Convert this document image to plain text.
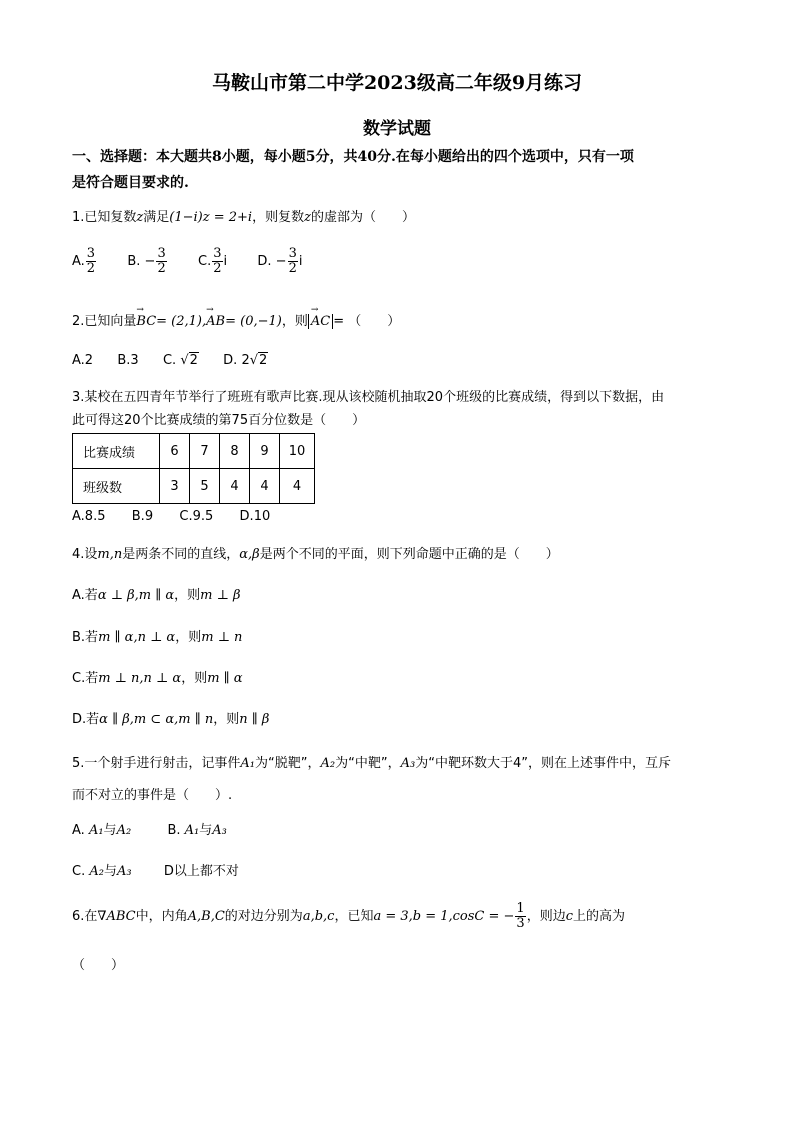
马鞍山市第二中学2023级高二年级9月练习
数学试题
一、选择题：本大题共8小题，每小题5分，共40分.在每小题给出的四个选项中，只有一项
是符合题目要求的.
1.已知复数z满足(1−i)z = 2+i，则复数z的虚部为（　　）
A. $\frac{3}{2} B$. − $\frac{3}{2} C$. $\frac{3}{2}$ i D. − $\frac{3}{2}$ i
2.已知向量→ BC= (2,1),→ AB= (0,−1)，则 → AC = （　　）
A.2 B.3 C. √2 D. 2√2
3.某校在五四青年节举行了班班有歌声比赛.现从该校随机抽取20个班级的比赛成绩，得到以下数据，由
此可得这20个比赛成绩的第75百分位数是（　　）
比赛成绩	6	7	8	9	10
班级数	3	5	4	4	4
A.8.5 B.9 C.9.5 D.10
4.设m,n是两条不同的直线，α,β是两个不同的平面，则下列命题中正确的是（　　）
A.若α ⊥ β,m ∥ α，则m ⊥ β
B.若m ∥ α,n ⊥ α，则m ⊥ n
C.若m ⊥ n,n ⊥ α，则m ∥ α
D.若α ∥ β,m ⊂ α,m ∥ n，则n ∥ β
5.一个射手进行射击，记事件A₁为“脱靶”，A₂为“中靶”，A₃为“中靶环数大于4”，则在上述事件中，互斥
而不对立的事件是（　　）.
A. A₁与A₂	B. A₁与A₃
C. A₂与A₃ D以上都不对
6.在∇ABC中，内角A,B,C的对边分别为a,b,c，已知a = 3,b = 1,cosC = − $\frac{1}{3}$ ，则边c上的高为
（　　）
